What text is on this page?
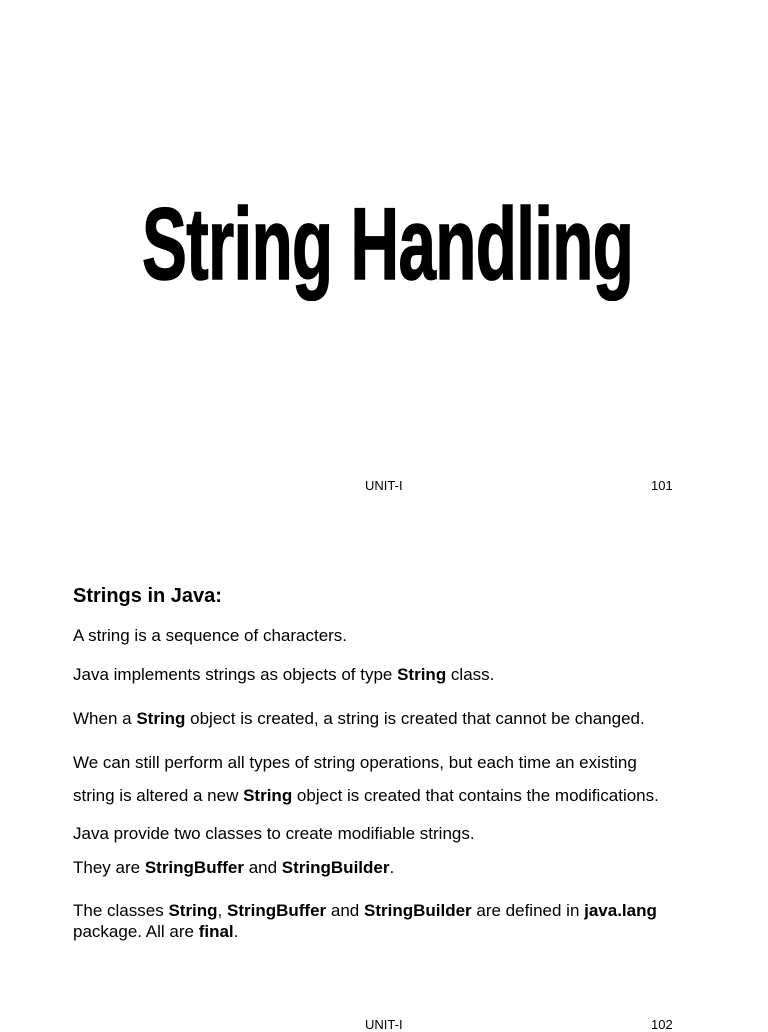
String Handling
UNIT-I	101
Strings in Java:

A string is a sequence of characters.

Java implements strings as objects of type String class.

When a String object is created, a string is created that cannot be changed.

We can still perform all types of string operations, but each time an existing

string is altered a new String object is created that contains the modifications.

Java provide two classes to create modifiable strings.

They are StringBuffer and StringBuilder.

The classes String, StringBuffer and StringBuilder are defined in java.lang package. All are final.

UNIT-I	102
